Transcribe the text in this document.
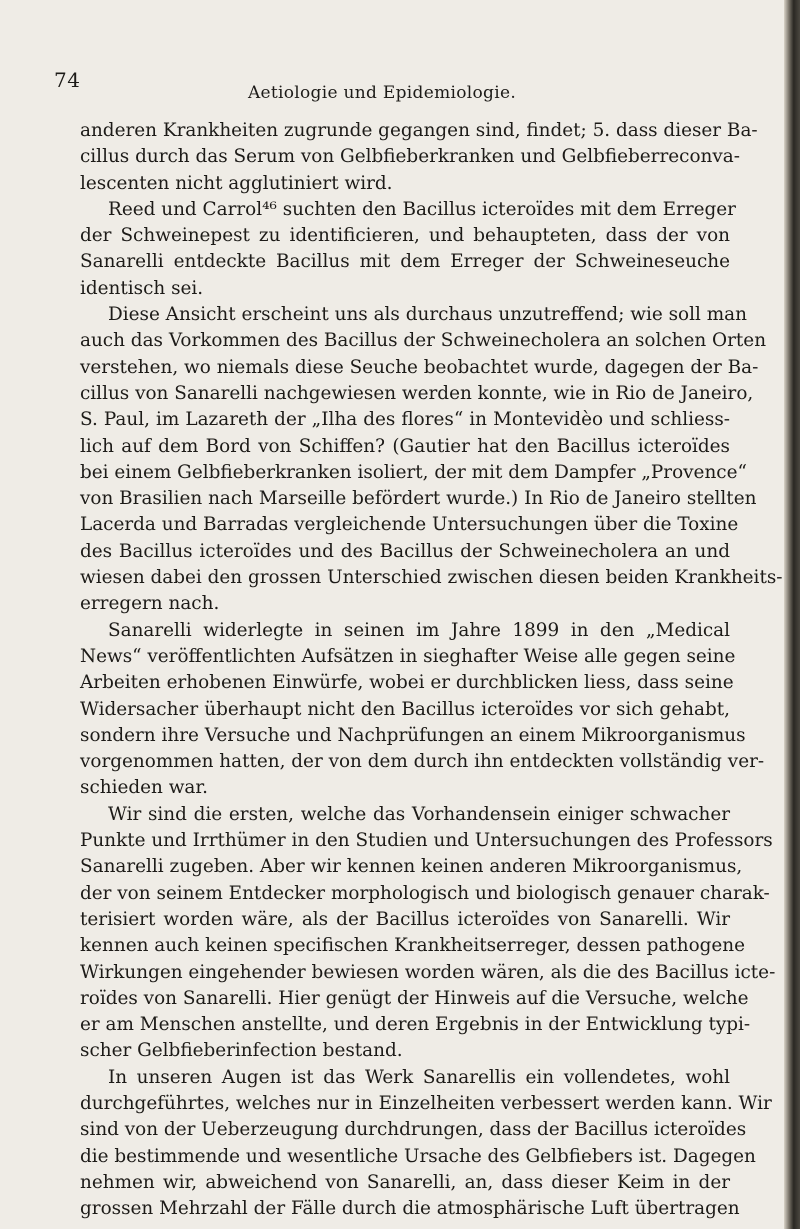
74
Aetiologie und Epidemiologie.
anderen Krankheiten zugrunde gegangen sind, findet; 5. dass dieser Ba-
cillus durch das Serum von Gelbfieberkranken und Gelbfieberreconva-
lescenten nicht agglutiniert wird.
Reed und Carrol⁴⁶ suchten den Bacillus icteroïdes mit dem Erreger
der Schweinepest zu identificieren, und behaupteten, dass der von
Sanarelli entdeckte Bacillus mit dem Erreger der Schweineseuche
identisch sei.
Diese Ansicht erscheint uns als durchaus unzutreffend; wie soll man
auch das Vorkommen des Bacillus der Schweinecholera an solchen Orten
verstehen, wo niemals diese Seuche beobachtet wurde, dagegen der Ba-
cillus von Sanarelli nachgewiesen werden konnte, wie in Rio de Janeiro,
S. Paul, im Lazareth der „Ilha des flores“ in Montevidèo und schliess-
lich auf dem Bord von Schiffen? (Gautier hat den Bacillus icteroïdes
bei einem Gelbfieberkranken isoliert, der mit dem Dampfer „Provence“
von Brasilien nach Marseille befördert wurde.) In Rio de Janeiro stellten
Lacerda und Barradas vergleichende Untersuchungen über die Toxine
des Bacillus icteroïdes und des Bacillus der Schweinecholera an und
wiesen dabei den grossen Unterschied zwischen diesen beiden Krankheits-
erregern nach.
Sanarelli widerlegte in seinen im Jahre 1899 in den „Medical
News“ veröffentlichten Aufsätzen in sieghafter Weise alle gegen seine
Arbeiten erhobenen Einwürfe, wobei er durchblicken liess, dass seine
Widersacher überhaupt nicht den Bacillus icteroïdes vor sich gehabt,
sondern ihre Versuche und Nachprüfungen an einem Mikroorganismus
vorgenommen hatten, der von dem durch ihn entdeckten vollständig ver-
schieden war.
Wir sind die ersten, welche das Vorhandensein einiger schwacher
Punkte und Irrthümer in den Studien und Untersuchungen des Professors
Sanarelli zugeben. Aber wir kennen keinen anderen Mikroorganismus,
der von seinem Entdecker morphologisch und biologisch genauer charak-
terisiert worden wäre, als der Bacillus icteroïdes von Sanarelli. Wir
kennen auch keinen specifischen Krankheitserreger, dessen pathogene
Wirkungen eingehender bewiesen worden wären, als die des Bacillus icte-
roïdes von Sanarelli. Hier genügt der Hinweis auf die Versuche, welche
er am Menschen anstellte, und deren Ergebnis in der Entwicklung typi-
scher Gelbfieberinfection bestand.
In unseren Augen ist das Werk Sanarellis ein vollendetes, wohl
durchgeführtes, welches nur in Einzelheiten verbessert werden kann. Wir
sind von der Ueberzeugung durchdrungen, dass der Bacillus icteroïdes
die bestimmende und wesentliche Ursache des Gelbfiebers ist. Dagegen
nehmen wir, abweichend von Sanarelli, an, dass dieser Keim in der
grossen Mehrzahl der Fälle durch die atmosphärische Luft übertragen
